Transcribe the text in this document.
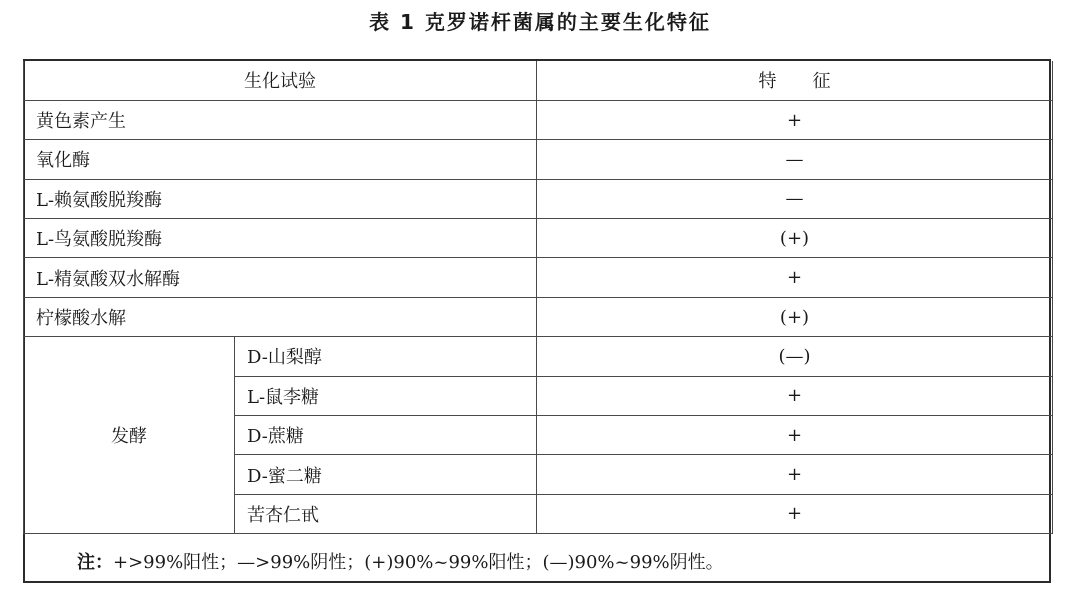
表 1 克罗诺杆菌属的主要生化特征
生化试验		特　　征
黄色素产生		+
氧化酶		—
L-赖氨酸脱羧酶		—
L-鸟氨酸脱羧酶		(+)
L-精氨酸双水解酶		+
柠檬酸水解		(+)
发酵	D-山梨醇	(—)
	L-鼠李糖	+
	D-蔗糖	+
	D-蜜二糖	+
	苦杏仁甙	+
注：+>99%阳性；—>99%阴性；(+)90%~99%阳性；(—)90%~99%阴性。
